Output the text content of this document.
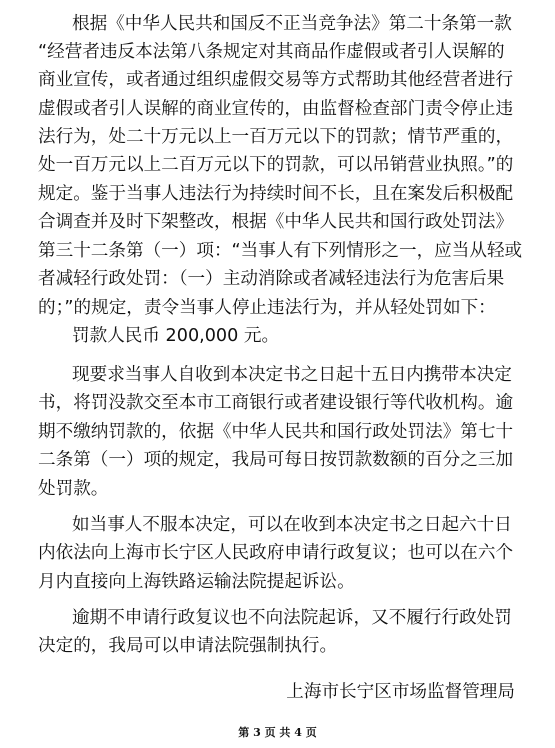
根据《中华人民共和国反不正当竞争法》第二十条第一款
“经营者违反本法第八条规定对其商品作虚假或者引人误解的
商业宣传，或者通过组织虚假交易等方式帮助其他经营者进行
虚假或者引人误解的商业宣传的，由监督检查部门责令停止违
法行为，处二十万元以上一百万元以下的罚款；情节严重的，
处一百万元以上二百万元以下的罚款，可以吊销营业执照。”的
规定。鉴于当事人违法行为持续时间不长，且在案发后积极配
合调查并及时下架整改，根据《中华人民共和国行政处罚法》
第三十二条第（一）项：“当事人有下列情形之一，应当从轻或
者减轻行政处罚：（一）主动消除或者减轻违法行为危害后果
的；”的规定，责令当事人停止违法行为，并从轻处罚如下：
罚款人民币 200,000 元。
现要求当事人自收到本决定书之日起十五日内携带本决定
书，将罚没款交至本市工商银行或者建设银行等代收机构。逾
期不缴纳罚款的，依据《中华人民共和国行政处罚法》第七十
二条第（一）项的规定，我局可每日按罚款数额的百分之三加
处罚款。
如当事人不服本决定，可以在收到本决定书之日起六十日
内依法向上海市长宁区人民政府申请行政复议；也可以在六个
月内直接向上海铁路运输法院提起诉讼。
逾期不申请行政复议也不向法院起诉，又不履行行政处罚
决定的，我局可以申请法院强制执行。
上海市长宁区市场监督管理局
第 3 页 共 4 页
